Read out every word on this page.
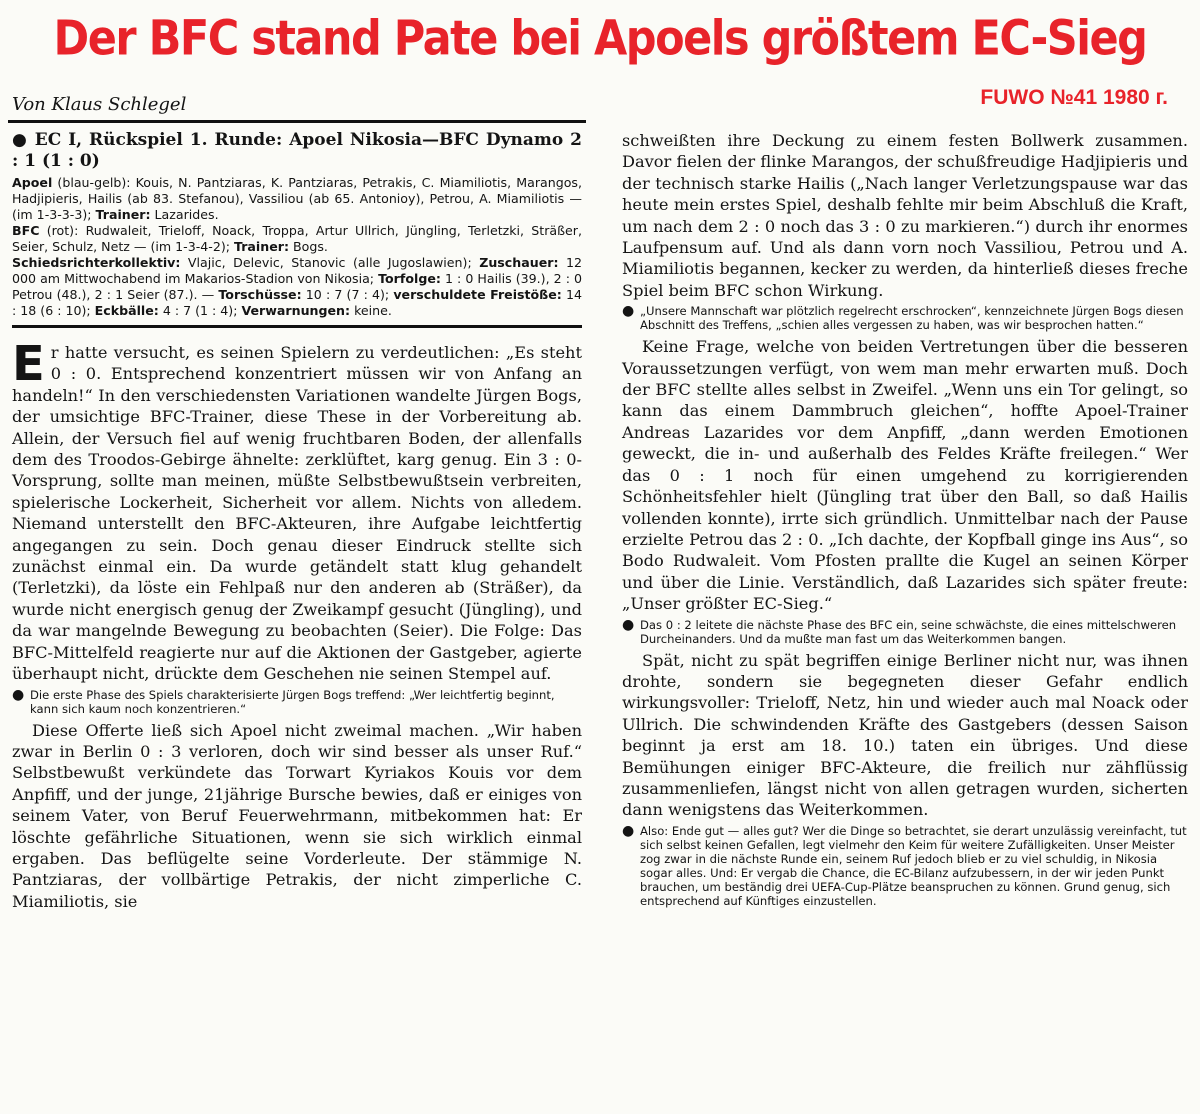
Der BFC stand Pate bei Apoels größtem EC-Sieg
Von Klaus Schlegel	FUWO №41 1980 г.
● EC I, Rückspiel 1. Runde: Apoel Nikosia—BFC Dynamo 2 : 1 (1 : 0)
Apoel (blau-gelb): Kouis, N. Pantziaras, K. Pantziaras, Petrakis, C. Miamiliotis, Marangos, Hadjipieris, Hailis (ab 83. Stefanou), Vassiliou (ab 65. Antonioy), Petrou, A. Miamiliotis — (im 1-3-3-3); Trainer: Lazarides.
BFC (rot): Rudwaleit, Trieloff, Noack, Troppa, Artur Ullrich, Jüngling, Terletzki, Sträßer, Seier, Schulz, Netz — (im 1-3-4-2); Trainer: Bogs.
Schiedsrichterkollektiv: Vlajic, Delevic, Stanovic (alle Jugoslawien); Zuschauer: 12 000 am Mittwochabend im Makarios-Stadion von Nikosia; Torfolge: 1 : 0 Hailis (39.), 2 : 0 Petrou (48.), 2 : 1 Seier (87.). — Torschüsse: 10 : 7 (7 : 4); verschuldete Freistöße: 14 : 18 (6 : 10); Eckbälle: 4 : 7 (1 : 4); Verwarnungen: keine.
E r hatte versucht, es seinen Spielern zu verdeutlichen: „Es steht 0 : 0. Entsprechend konzentriert müssen wir von Anfang an handeln!“ In den verschiedensten Variationen wandelte Jürgen Bogs, der umsichtige BFC-Trainer, diese These in der Vorbereitung ab. Allein, der Versuch fiel auf wenig fruchtbaren Boden, der allenfalls dem des Troodos-Gebirge ähnelte: zerklüftet, karg genug. Ein 3 : 0-Vorsprung, sollte man meinen, müßte Selbstbewußtsein verbreiten, spielerische Lockerheit, Sicherheit vor allem. Nichts von alledem. Niemand unterstellt den BFC-Akteuren, ihre Aufgabe leichtfertig angegangen zu sein. Doch genau dieser Eindruck stellte sich zunächst einmal ein. Da wurde getändelt statt klug gehandelt (Terletzki), da löste ein Fehlpaß nur den anderen ab (Sträßer), da wurde nicht energisch genug der Zweikampf gesucht (Jüngling), und da war mangelnde Bewegung zu beobachten (Seier). Die Folge: Das BFC-Mittelfeld reagierte nur auf die Aktionen der Gastgeber, agierte überhaupt nicht, drückte dem Geschehen nie seinen Stempel auf.

● Die erste Phase des Spiels charakterisierte Jürgen Bogs treffend: „Wer leichtfertig beginnt, kann sich kaum noch konzentrieren.“

Diese Offerte ließ sich Apoel nicht zweimal machen. „Wir haben zwar in Berlin 0 : 3 verloren, doch wir sind besser als unser Ruf.“ Selbstbewußt verkündete das Torwart Kyriakos Kouis vor dem Anpfiff, und der junge, 21jährige Bursche bewies, daß er einiges von seinem Vater, von Beruf Feuerwehrmann, mitbekommen hat: Er löschte gefährliche Situationen, wenn sie sich wirklich einmal ergaben. Das beflügelte seine Vorderleute. Der stämmige N. Pantziaras, der vollbärtige Petrakis, der nicht zimperliche C. Miamiliotis, sie

schweißten ihre Deckung zu einem festen Bollwerk zusammen. Davor fielen der flinke Marangos, der schußfreudige Hadjipieris und der technisch starke Hailis („Nach langer Verletzungspause war das heute mein erstes Spiel, deshalb fehlte mir beim Abschluß die Kraft, um nach dem 2 : 0 noch das 3 : 0 zu markieren.“) durch ihr enormes Laufpensum auf. Und als dann vorn noch Vassiliou, Petrou und A. Miamiliotis begannen, kecker zu werden, da hinterließ dieses freche Spiel beim BFC schon Wirkung.

● „Unsere Mannschaft war plötzlich regelrecht erschrocken“, kennzeichnete Jürgen Bogs diesen Abschnitt des Treffens, „schien alles vergessen zu haben, was wir besprochen hatten.“

Keine Frage, welche von beiden Vertretungen über die besseren Voraussetzungen verfügt, von wem man mehr erwarten muß. Doch der BFC stellte alles selbst in Zweifel. „Wenn uns ein Tor gelingt, so kann das einem Dammbruch gleichen“, hoffte Apoel-Trainer Andreas Lazarides vor dem Anpfiff, „dann werden Emotionen geweckt, die in- und außerhalb des Feldes Kräfte freilegen.“ Wer das 0 : 1 noch für einen umgehend zu korrigierenden Schönheitsfehler hielt (Jüngling trat über den Ball, so daß Hailis vollenden konnte), irrte sich gründlich. Unmittelbar nach der Pause erzielte Petrou das 2 : 0. „Ich dachte, der Kopfball ginge ins Aus“, so Bodo Rudwaleit. Vom Pfosten prallte die Kugel an seinen Körper und über die Linie. Verständlich, daß Lazarides sich später freute: „Unser größter EC-Sieg.“

● Das 0 : 2 leitete die nächste Phase des BFC ein, seine schwächste, die eines mittelschweren Durcheinanders. Und da mußte man fast um das Weiterkommen bangen.

Spät, nicht zu spät begriffen einige Berliner nicht nur, was ihnen drohte, sondern sie begegneten dieser Gefahr endlich wirkungsvoller: Trieloff, Netz, hin und wieder auch mal Noack oder Ullrich. Die schwindenden Kräfte des Gastgebers (dessen Saison beginnt ja erst am 18. 10.) taten ein übriges. Und diese Bemühungen einiger BFC-Akteure, die freilich nur zähflüssig zusammenliefen, längst nicht von allen getragen wurden, sicherten dann wenigstens das Weiterkommen.

● Also: Ende gut — alles gut? Wer die Dinge so betrachtet, sie derart unzulässig vereinfacht, tut sich selbst keinen Gefallen, legt vielmehr den Keim für weitere Zufälligkeiten. Unser Meister zog zwar in die nächste Runde ein, seinem Ruf jedoch blieb er zu viel schuldig, in Nikosia sogar alles. Und: Er vergab die Chance, die EC-Bilanz aufzubessern, in der wir jeden Punkt brauchen, um beständig drei UEFA-Cup-Plätze beanspruchen zu können. Grund genug, sich entsprechend auf Künftiges einzustellen.
